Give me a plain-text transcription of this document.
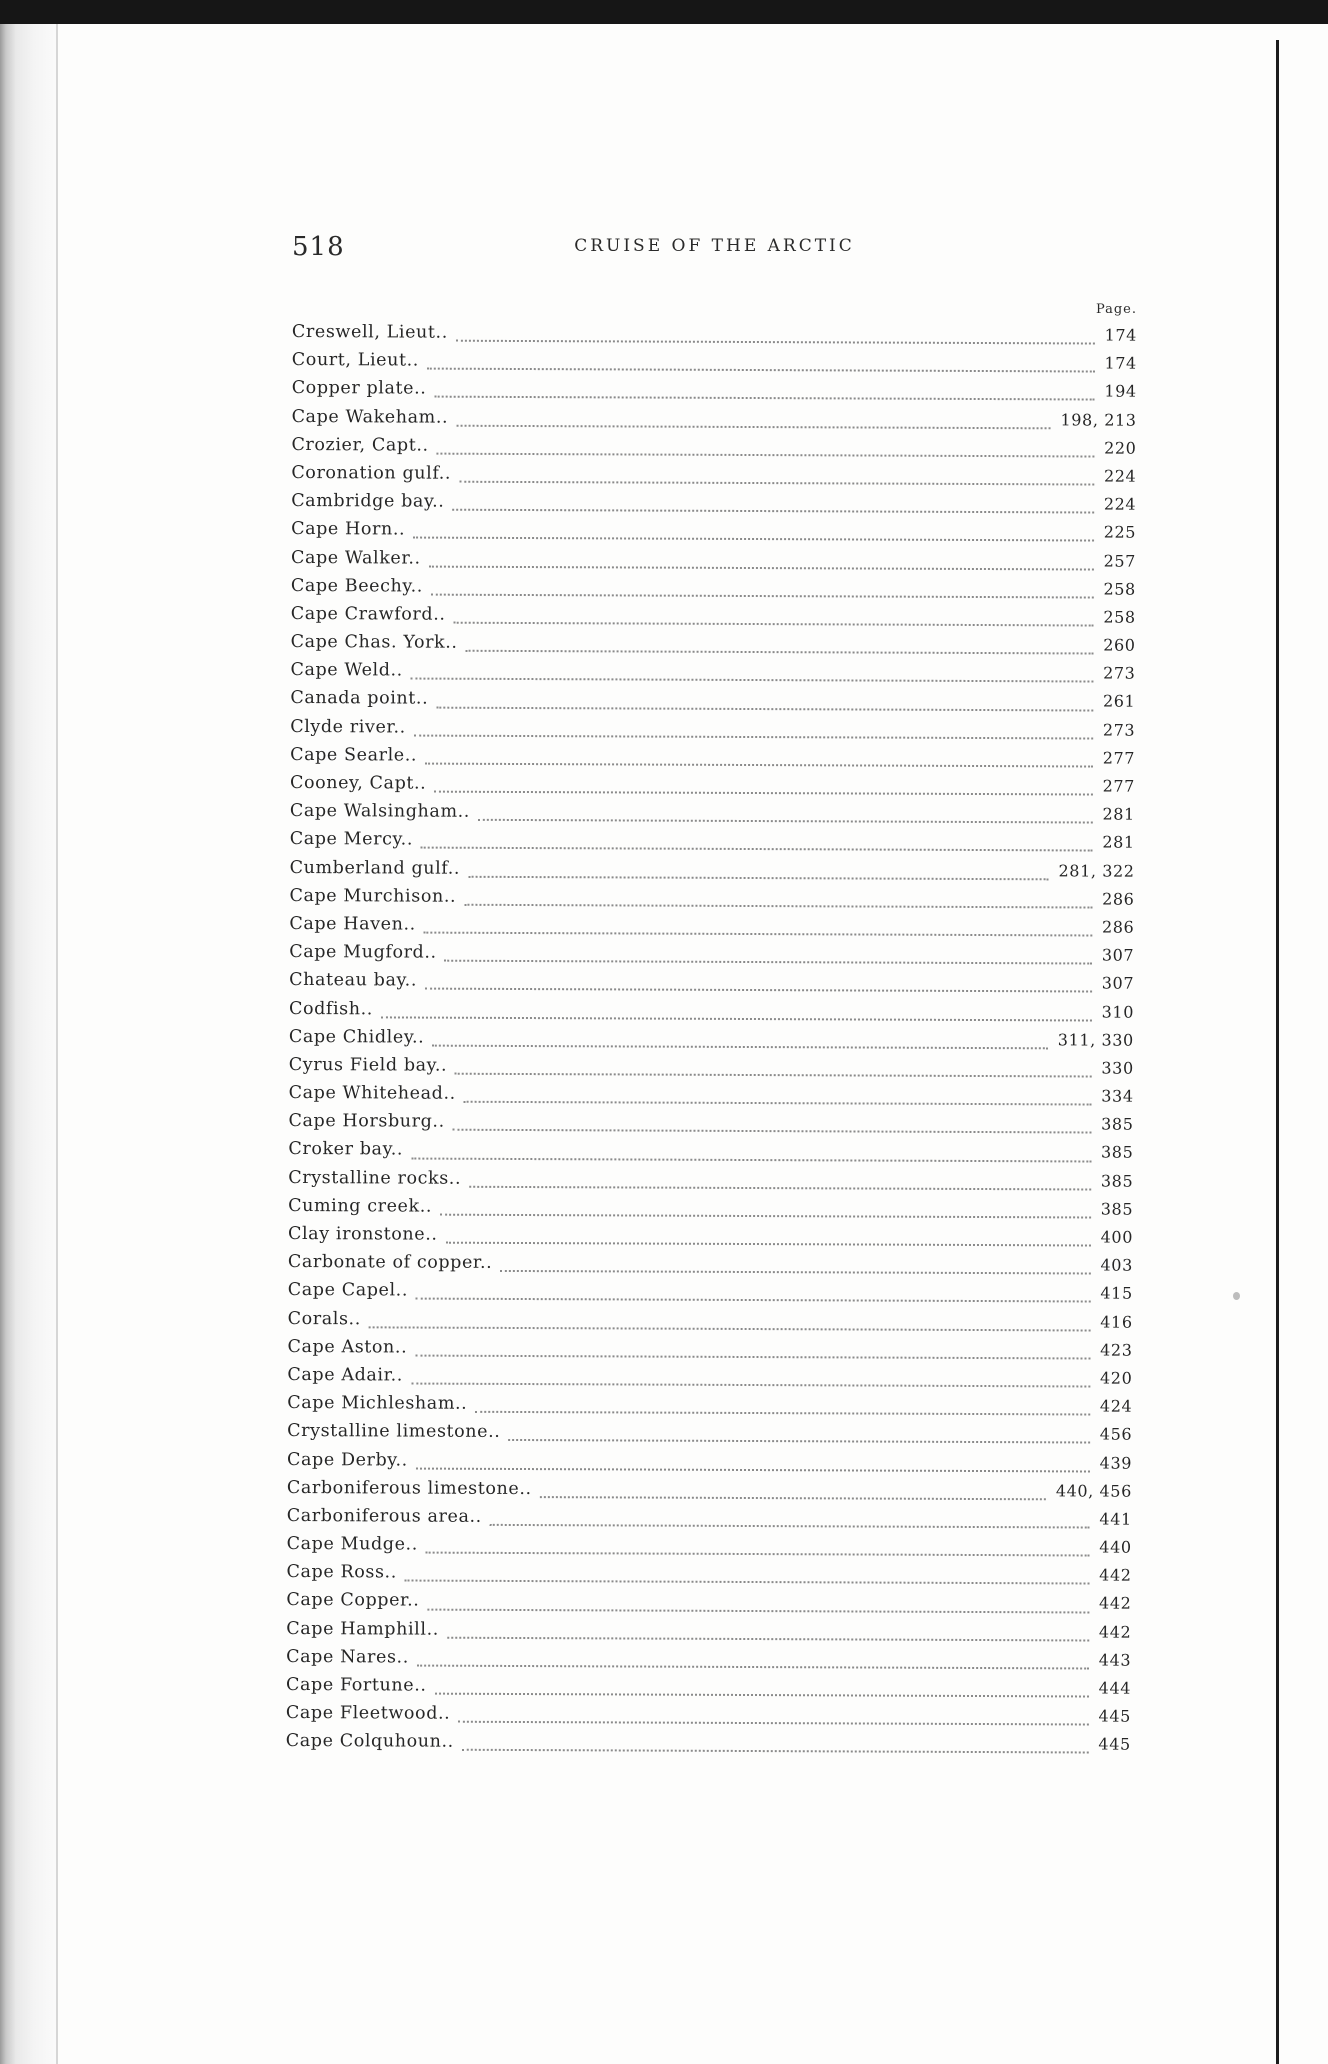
518	CRUISE OF THE ARCTIC
Page.
Creswell, Lieut..	174
Court, Lieut..	174
Copper plate..	194
Cape Wakeham..	198, 213
Crozier, Capt..	220
Coronation gulf..	224
Cambridge bay..	224
Cape Horn..	225
Cape Walker..	257
Cape Beechy..	258
Cape Crawford..	258
Cape Chas. York..	260
Cape Weld..	273
Canada point..	261
Clyde river..	273
Cape Searle..	277
Cooney, Capt..	277
Cape Walsingham..	281
Cape Mercy..	281
Cumberland gulf..	281, 322
Cape Murchison..	286
Cape Haven..	286
Cape Mugford..	307
Chateau bay..	307
Codfish..	310
Cape Chidley..	311, 330
Cyrus Field bay..	330
Cape Whitehead..	334
Cape Horsburg..	385
Croker bay..	385
Crystalline rocks..	385
Cuming creek..	385
Clay ironstone..	400
Carbonate of copper..	403
Cape Capel..	415
Corals..	416
Cape Aston..	423
Cape Adair..	420
Cape Michlesham..	424
Crystalline limestone..	456
Cape Derby..	439
Carboniferous limestone..	440, 456
Carboniferous area..	441
Cape Mudge..	440
Cape Ross..	442
Cape Copper..	442
Cape Hamphill..	442
Cape Nares..	443
Cape Fortune..	444
Cape Fleetwood..	445
Cape Colquhoun..	445
